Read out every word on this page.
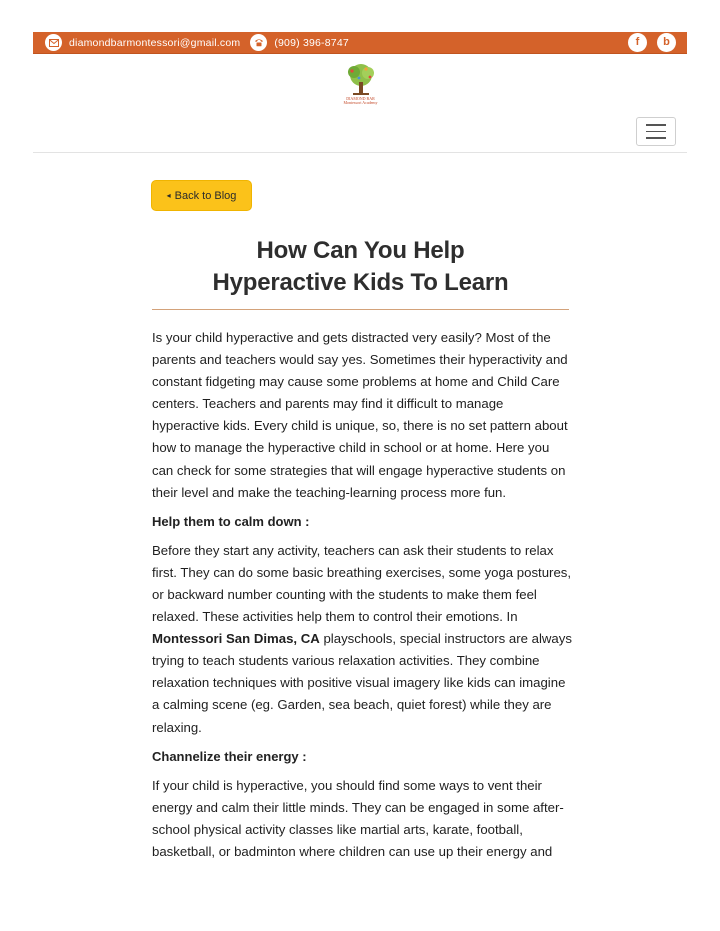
diamondbarmontessori@gmail.com	(909) 396-8747	f	b
DIAMOND BAR
Montessori Academy
◂ Back to Blog
How Can You Help
Hyperactive Kids To Learn

Is your child hyperactive and gets distracted very easily? Most of the parents and teachers would say yes. Sometimes their hyperactivity and constant fidgeting may cause some problems at home and Child Care centers. Teachers and parents may find it difficult to manage hyperactive kids. Every child is unique, so, there is no set pattern about how to manage the hyperactive child in school or at home. Here you can check for some strategies that will engage hyperactive students on their level and make the teaching-learning process more fun.

Help them to calm down :

Before they start any activity, teachers can ask their students to relax first. They can do some basic breathing exercises, some yoga postures, or backward number counting with the students to make them feel relaxed. These activities help them to control their emotions. In Montessori San Dimas, CA playschools, special instructors are always trying to teach students various relaxation activities. They combine relaxation techniques with positive visual imagery like kids can imagine a calming scene (eg. Garden, sea beach, quiet forest) while they are relaxing.

Channelize their energy :

If your child is hyperactive, you should find some ways to vent their energy and calm their little minds. They can be engaged in some after-school physical activity classes like martial arts, karate, football, basketball, or badminton where children can use up their energy and
